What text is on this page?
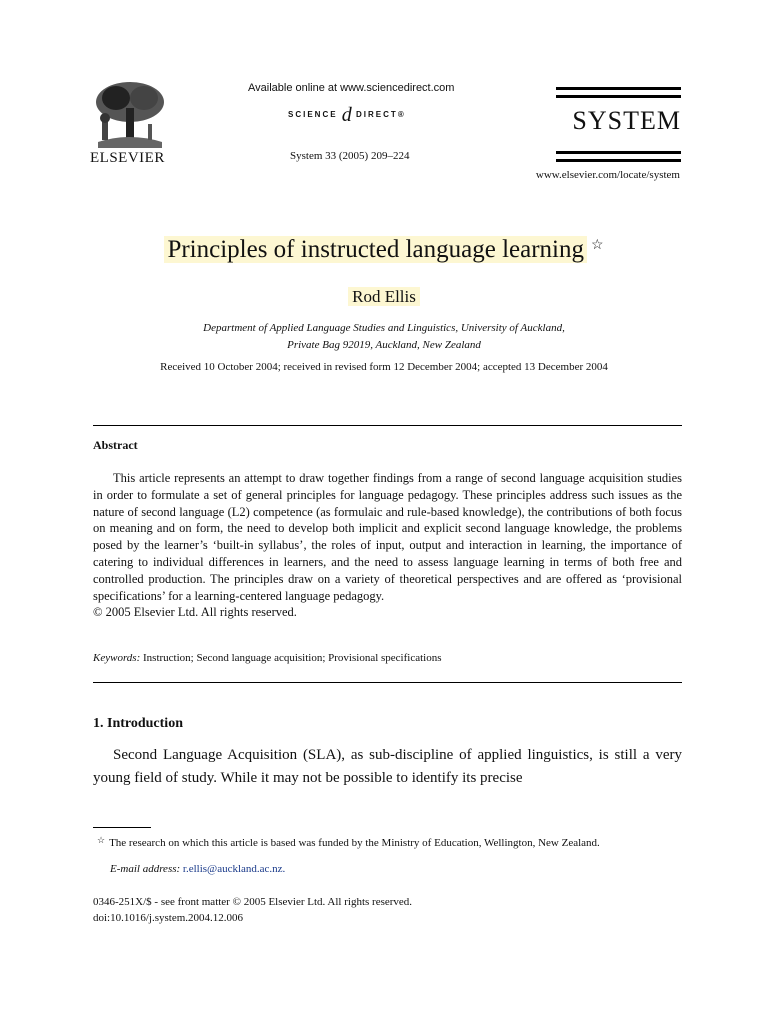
ELSEVIER
Available online at www.sciencedirect.com
SCIENCE d DIRECT®
System 33 (2005) 209–224
SYSTEM
www.elsevier.com/locate/system
Principles of instructed language learning ☆
Rod Ellis
Department of Applied Language Studies and Linguistics, University of Auckland,
Private Bag 92019, Auckland, New Zealand
Received 10 October 2004; received in revised form 12 December 2004; accepted 13 December 2004
Abstract

This article represents an attempt to draw together findings from a range of second language acquisition studies in order to formulate a set of general principles for language pedagogy. These principles address such issues as the nature of second language (L2) competence (as formulaic and rule-based knowledge), the contributions of both focus on meaning and on form, the need to develop both implicit and explicit second language knowledge, the problems posed by the learner’s ‘built-in syllabus’, the roles of input, output and interaction in learning, the importance of catering to individual differences in learners, and the need to assess language learning in terms of both free and controlled production. The principles draw on a variety of theoretical perspectives and are offered as ‘provisional specifications’ for a learning-centered language pedagogy.

© 2005 Elsevier Ltd. All rights reserved.
Keywords: Instruction; Second language acquisition; Provisional specifications
1. Introduction

Second Language Acquisition (SLA), as sub-discipline of applied linguistics, is still a very young field of study. While it may not be possible to identify its precise

☆ The research on which this article is based was funded by the Ministry of Education, Wellington, New Zealand.
E-mail address: r.ellis@auckland.ac.nz.
0346-251X/$ - see front matter © 2005 Elsevier Ltd. All rights reserved.
doi:10.1016/j.system.2004.12.006
